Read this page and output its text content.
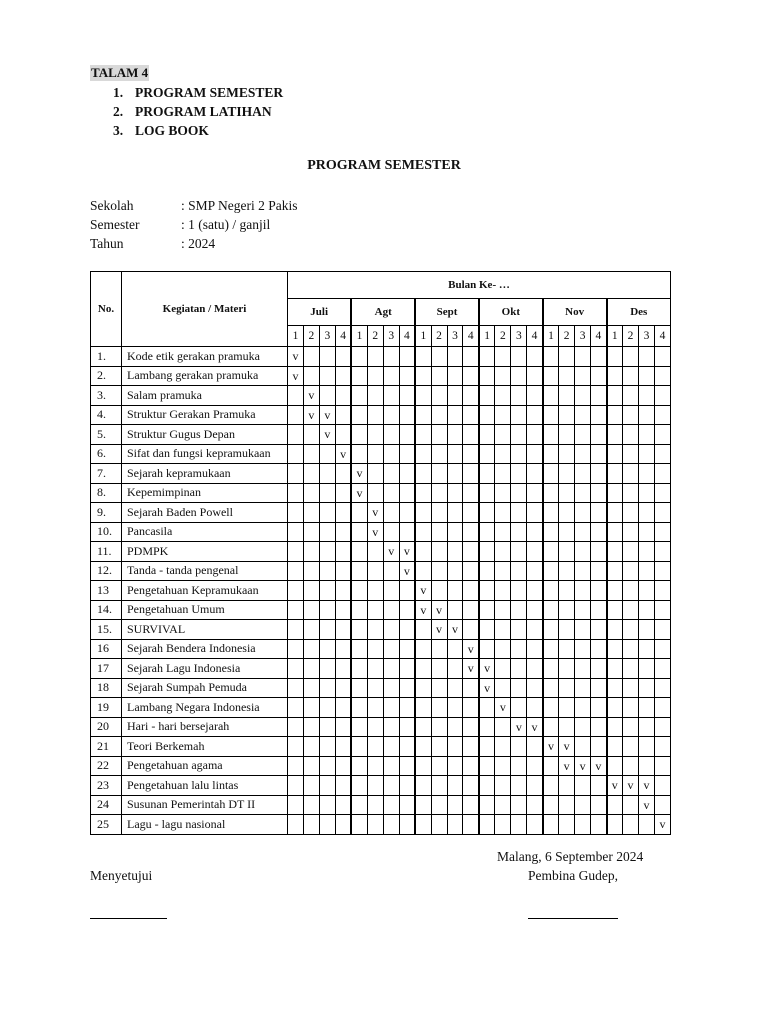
TALAM 4
1. PROGRAM SEMESTER
2. PROGRAM LATIHAN
3. LOG BOOK
PROGRAM SEMESTER
Sekolah	: SMP Negeri 2 Pakis
Semester	: 1 (satu) / ganjil
Tahun	: 2024
No.	Kegiatan / Materi	Bulan Ke- …																							
		Juli				Agt				Sept				Okt				Nov				Des			
		1	2	3	4	1	2	3	4	1	2	3	4	1	2	3	4	1	2	3	4	1	2	3	4
1.	Kode etik gerakan pramuka	v																							
2.	Lambang gerakan pramuka	v																							
3.	Salam pramuka		v																						
4.	Struktur Gerakan Pramuka		v	v																					
5.	Struktur Gugus Depan			v																					
6.	Sifat dan fungsi kepramukaan				v																				
7.	Sejarah kepramukaan					v																			
8.	Kepemimpinan					v																			
9.	Sejarah Baden Powell						v																		
10.	Pancasila						v																		
11.	PDMPK							v	v																
12.	Tanda - tanda pengenal								v																
13	Pengetahuan Kepramukaan									v															
14.	Pengetahuan Umum									v	v														
15.	SURVIVAL										v	v													
16	Sejarah Bendera Indonesia												v												
17	Sejarah Lagu Indonesia												v	v											
18	Sejarah Sumpah Pemuda													v											
19	Lambang Negara Indonesia														v										
20	Hari - hari bersejarah															v	v								
21	Teori Berkemah																	v	v						
22	Pengetahuan agama																		v	v	v				
23	Pengetahuan lalu lintas																					v	v	v	
24	Susunan Pemerintah DT II																							v	
25	Lagu - lagu nasional																								v
Malang, 6 September 2024
Menyetujui	Pembina Gudep,
